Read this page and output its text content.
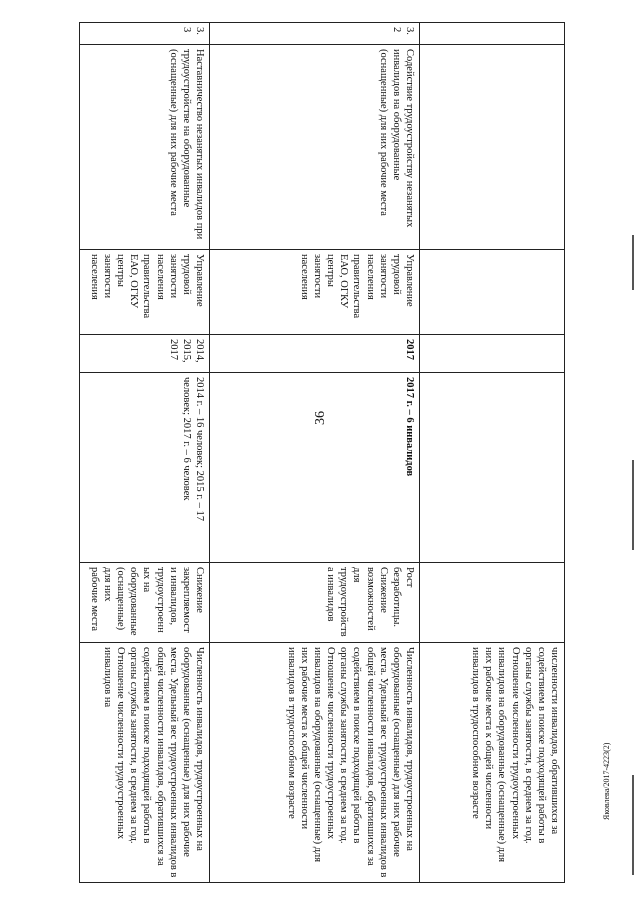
36
						численности инвалидов, обратившихся за содействием в поиске подходящей работы в органы службы занятости, в среднем за год. Отношение численности трудоустроенных инвалидов на оборудованные (оснащенные) для них рабочие места к общей численности инвалидов в трудоспособном возрасте
3.2	Содействие трудоустройству незанятых инвалидов на оборудованные (оснащенные) для них рабочие места	Управление трудовой занятости населения правительства ЕАО, ОГКУ центры занятости населения	2017	2017 г. – 6 инвалидов	Рост безработицы. Снижение возможностей для трудоустройства инвалидов	Численность инвалидов, трудоустроенных на оборудованные (оснащенные) для них рабочие места. Удельный вес трудоустроенных инвалидов в общей численности инвалидов, обратившихся за содействием в поиске подходящей работы в органы службы занятости, в среднем за год. Отношение численности трудоустроенных инвалидов на оборудованные (оснащенные) для них рабочие места к общей численности инвалидов в трудоспособном возрасте
3.3	Наставничество незанятых инвалидов при трудоустройстве на оборудованные (оснащенные) для них рабочие места	Управление трудовой занятости населения правительства ЕАО, ОГКУ центры занятости населения	2014, 2015, 2017	2014 г. – 16 человек; 2015 г. – 17 человек; 2017 г. – 6 человек	Снижение закрепляемости инвалидов, трудоустроенных на оборудованные (оснащенные) для них рабочие места	Численность инвалидов, трудоустроенных на оборудованные (оснащенные) для них рабочие места. Удельный вес трудоустроенных инвалидов в общей численности инвалидов, обратившихся за содействием в поиске подходящей работы в органы службы занятости, в среднем за год. Отношение численности трудоустроенных инвалидов на
Яковлева/2017-4223(2)
